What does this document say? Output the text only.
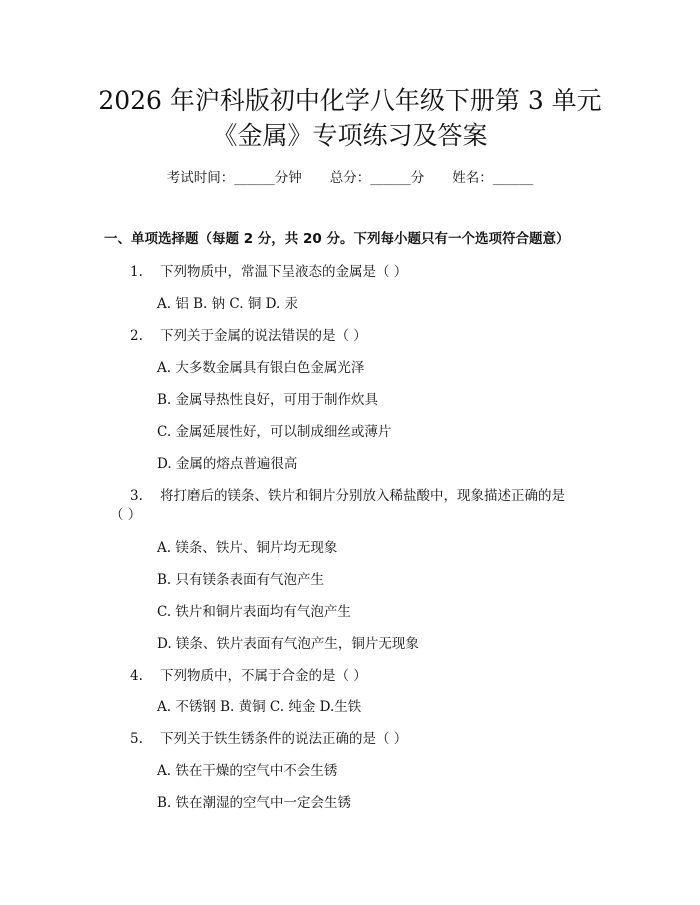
2026 年沪科版初中化学八年级下册第 3 单元
《金属》专项练习及答案
考试时间：______分钟 总分：______分 姓名：______
一、单项选择题（每题 2 分，共 20 分。下列每小题只有一个选项符合题意）
1. 下列物质中，常温下呈液态的金属是（ ）
A. 铝 B. 钠 C. 铜 D. 汞
2. 下列关于金属的说法错误的是（ ）
A. 大多数金属具有银白色金属光泽
B. 金属导热性良好，可用于制作炊具
C. 金属延展性好，可以制成细丝或薄片
D. 金属的熔点普遍很高
3. 将打磨后的镁条、铁片和铜片分别放入稀盐酸中，现象描述正确的是
（ ）
A. 镁条、铁片、铜片均无现象
B. 只有镁条表面有气泡产生
C. 铁片和铜片表面均有气泡产生
D. 镁条、铁片表面有气泡产生，铜片无现象
4. 下列物质中，不属于合金的是（ ）
A. 不锈钢 B. 黄铜 C. 纯金 D.生铁
5. 下列关于铁生锈条件的说法正确的是（ ）
A. 铁在干燥的空气中不会生锈
B. 铁在潮湿的空气中一定会生锈
